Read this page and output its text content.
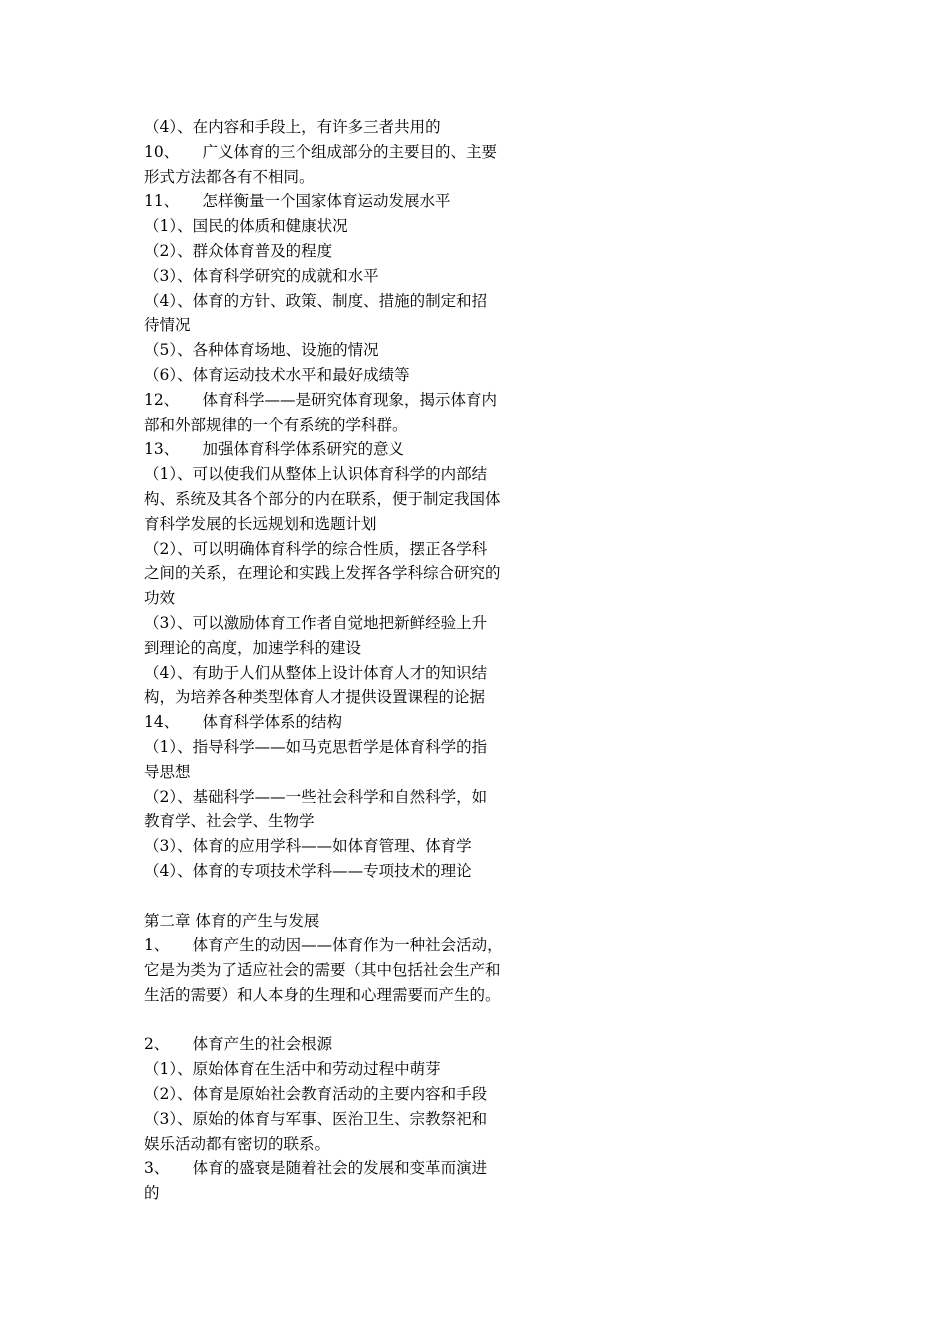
（4）、在内容和手段上，有许多三者共用的
10、　　广义体育的三个组成部分的主要目的、主要
形式方法都各有不相同。
11、　　怎样衡量一个国家体育运动发展水平
（1）、国民的体质和健康状况
（2）、群众体育普及的程度
（3）、体育科学研究的成就和水平
（4）、体育的方针、政策、制度、措施的制定和招
待情况
（5）、各种体育场地、设施的情况
（6）、体育运动技术水平和最好成绩等
12、　　体育科学——是研究体育现象，揭示体育内
部和外部规律的一个有系统的学科群。
13、　　加强体育科学体系研究的意义
（1）、可以使我们从整体上认识体育科学的内部结
构、系统及其各个部分的内在联系，便于制定我国体
育科学发展的长远规划和选题计划
（2）、可以明确体育科学的综合性质，摆正各学科
之间的关系，在理论和实践上发挥各学科综合研究的
功效
（3）、可以激励体育工作者自觉地把新鲜经验上升
到理论的高度，加速学科的建设
（4）、有助于人们从整体上设计体育人才的知识结
构，为培养各种类型体育人才提供设置课程的论据
14、　　体育科学体系的结构
（1）、指导科学——如马克思哲学是体育科学的指
导思想
（2）、基础科学——一些社会科学和自然科学，如
教育学、社会学、生物学
（3）、体育的应用学科——如体育管理、体育学
（4）、体育的专项技术学科——专项技术的理论
第二章 体育的产生与发展
1、　　体育产生的动因——体育作为一种社会活动，
它是为类为了适应社会的需要（其中包括社会生产和
生活的需要）和人本身的生理和心理需要而产生的。
2、　　体育产生的社会根源
（1）、原始体育在生活中和劳动过程中萌芽
（2）、体育是原始社会教育活动的主要内容和手段
（3）、原始的体育与军事、医治卫生、宗教祭祀和
娱乐活动都有密切的联系。
3、　　体育的盛衰是随着社会的发展和变革而演进
的
